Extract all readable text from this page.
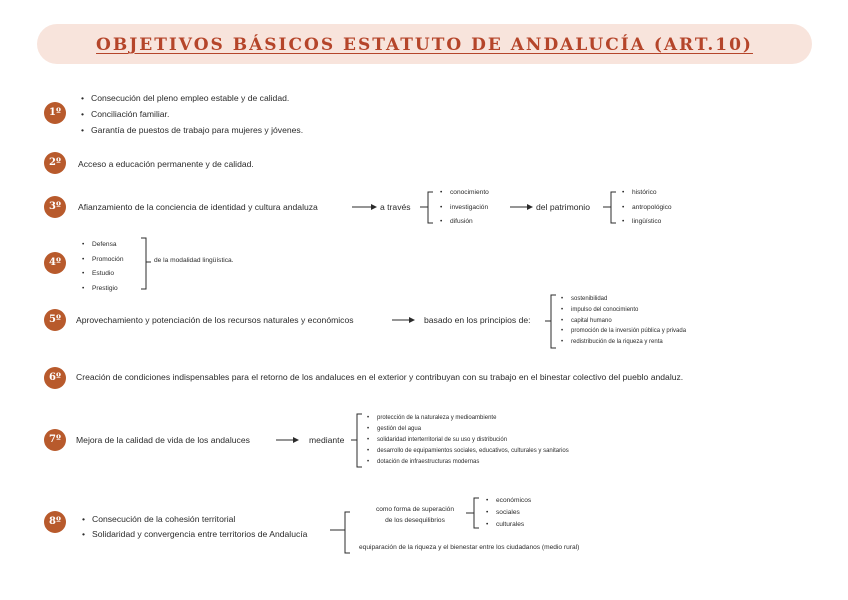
OBJETIVOS BÁSICOS ESTATUTO DE ANDALUCÍA (ART.10)
1º
2º
3º
4º
5º
6º
7º
8º
• Consecución del pleno empleo estable y de calidad.
• Conciliación familiar.
• Garantía de puestos de trabajo para mujeres y jóvenes.
Acceso a educación permanente y de calidad.
Afianzamiento de la conciencia de identidad y cultura andaluza	a través
• conocimiento
• investigación
• difusión
del patrimonio
• histórico
• antropológico
• lingüístico
• Defensa
• Promoción
• Estudio
• Prestigio
de la modalidad lingüística.
Aprovechamiento y potenciación de los recursos naturales y económicos	basado en los principios de:
• sostenibilidad
• impulso del conocimiento
• capital humano
• promoción de la inversión pública y privada
• redistribución de la riqueza y renta
Creación de condiciones indispensables para el retorno de los andaluces en el exterior y contribuyan con su trabajo en el binestar colectivo del pueblo andaluz.
Mejora de la calidad de vida de los andaluces	mediante
• protección de la naturaleza y medioambiente
• gestión del agua
• solidaridad interterritorial de su uso y distribución
• desarrollo de equipamientos sociales, educativos, culturales y sanitarios
• dotación de infraestructuras modernas
• Consecución de la cohesión territorial
• Solidaridad y convergencia entre territorios de Andalucía
como forma de superación
de los desequilibrios
• económicos
• sociales
• culturales
equiparación de la riqueza y el bienestar entre los ciudadanos (medio rural)
